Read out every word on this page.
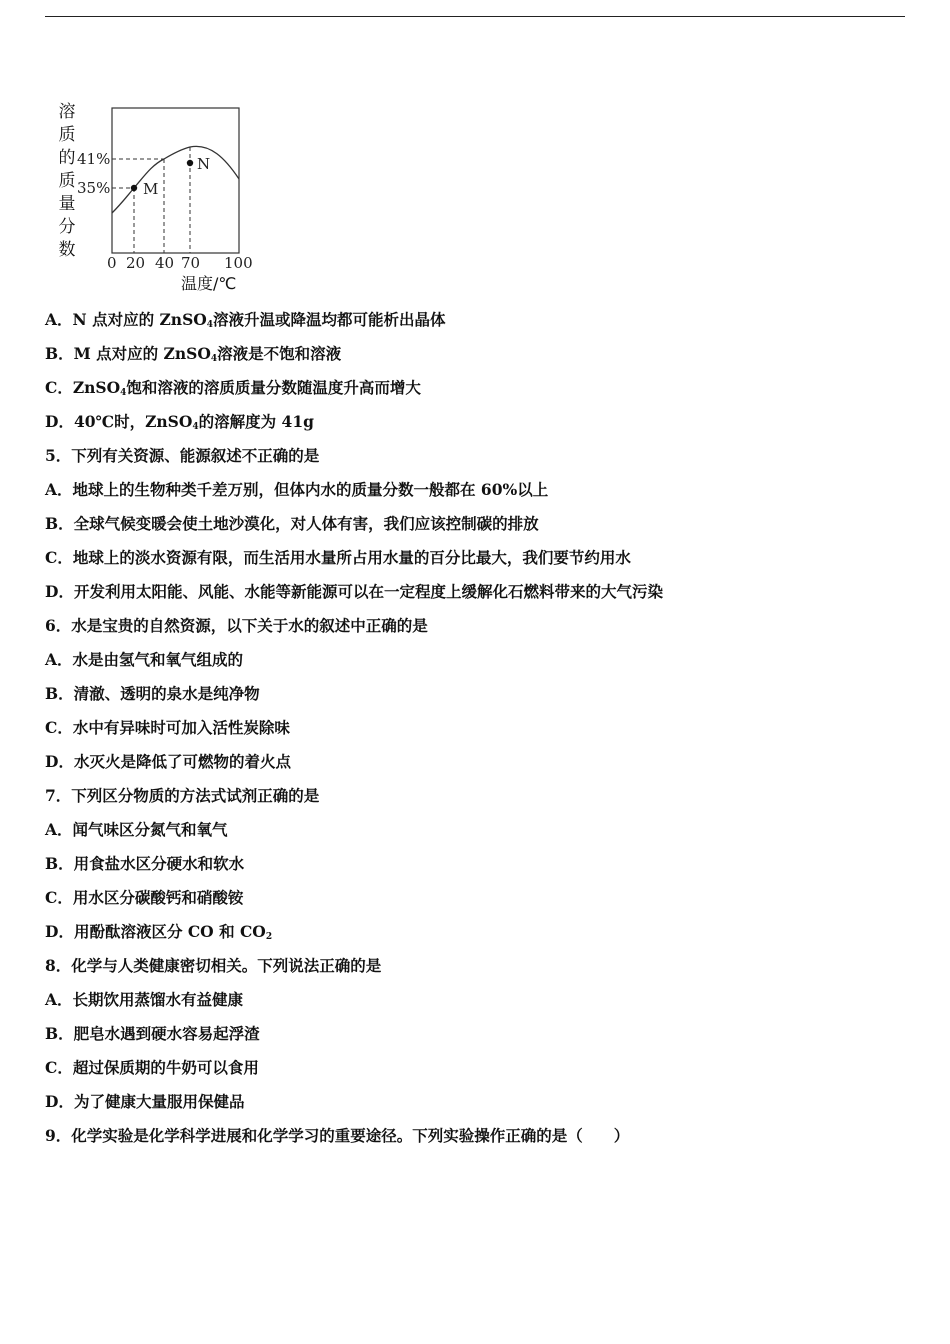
溶
质
的
质
量
分
数
M
N
35%
41%
0 20 40 70 100
温度/℃
A．N 点对应的 ZnSO$_4$溶液升温或降温均都可能析出晶体
B．M 点对应的 ZnSO$_4$溶液是不饱和溶液
C．ZnSO$_4$饱和溶液的溶质质量分数随温度升高而增大
D．40℃时，ZnSO$_4$的溶解度为 41g
5．下列有关资源、能源叙述不正确的是
A．地球上的生物种类千差万别，但体内水的质量分数一般都在 60%以上
B．全球气候变暖会使土地沙漠化，对人体有害，我们应该控制碳的排放
C．地球上的淡水资源有限，而生活用水量所占用水量的百分比最大，我们要节约用水
D．开发利用太阳能、风能、水能等新能源可以在一定程度上缓解化石燃料带来的大气污染
6．水是宝贵的自然资源，以下关于水的叙述中正确的是
A．水是由氢气和氧气组成的
B．清澈、透明的泉水是纯净物
C．水中有异味时可加入活性炭除味
D．水灭火是降低了可燃物的着火点
7．下列区分物质的方法式试剂正确的是
A．闻气味区分氮气和氧气
B．用食盐水区分硬水和软水
C．用水区分碳酸钙和硝酸铵
D．用酚酞溶液区分 CO 和 $CO_2$
8．化学与人类健康密切相关。下列说法正确的是
A．长期饮用蒸馏水有益健康
B．肥皂水遇到硬水容易起浮渣
C．超过保质期的牛奶可以食用
D．为了健康大量服用保健品
9．化学实验是化学科学进展和化学学习的重要途径。下列实验操作正确的是（　　）
